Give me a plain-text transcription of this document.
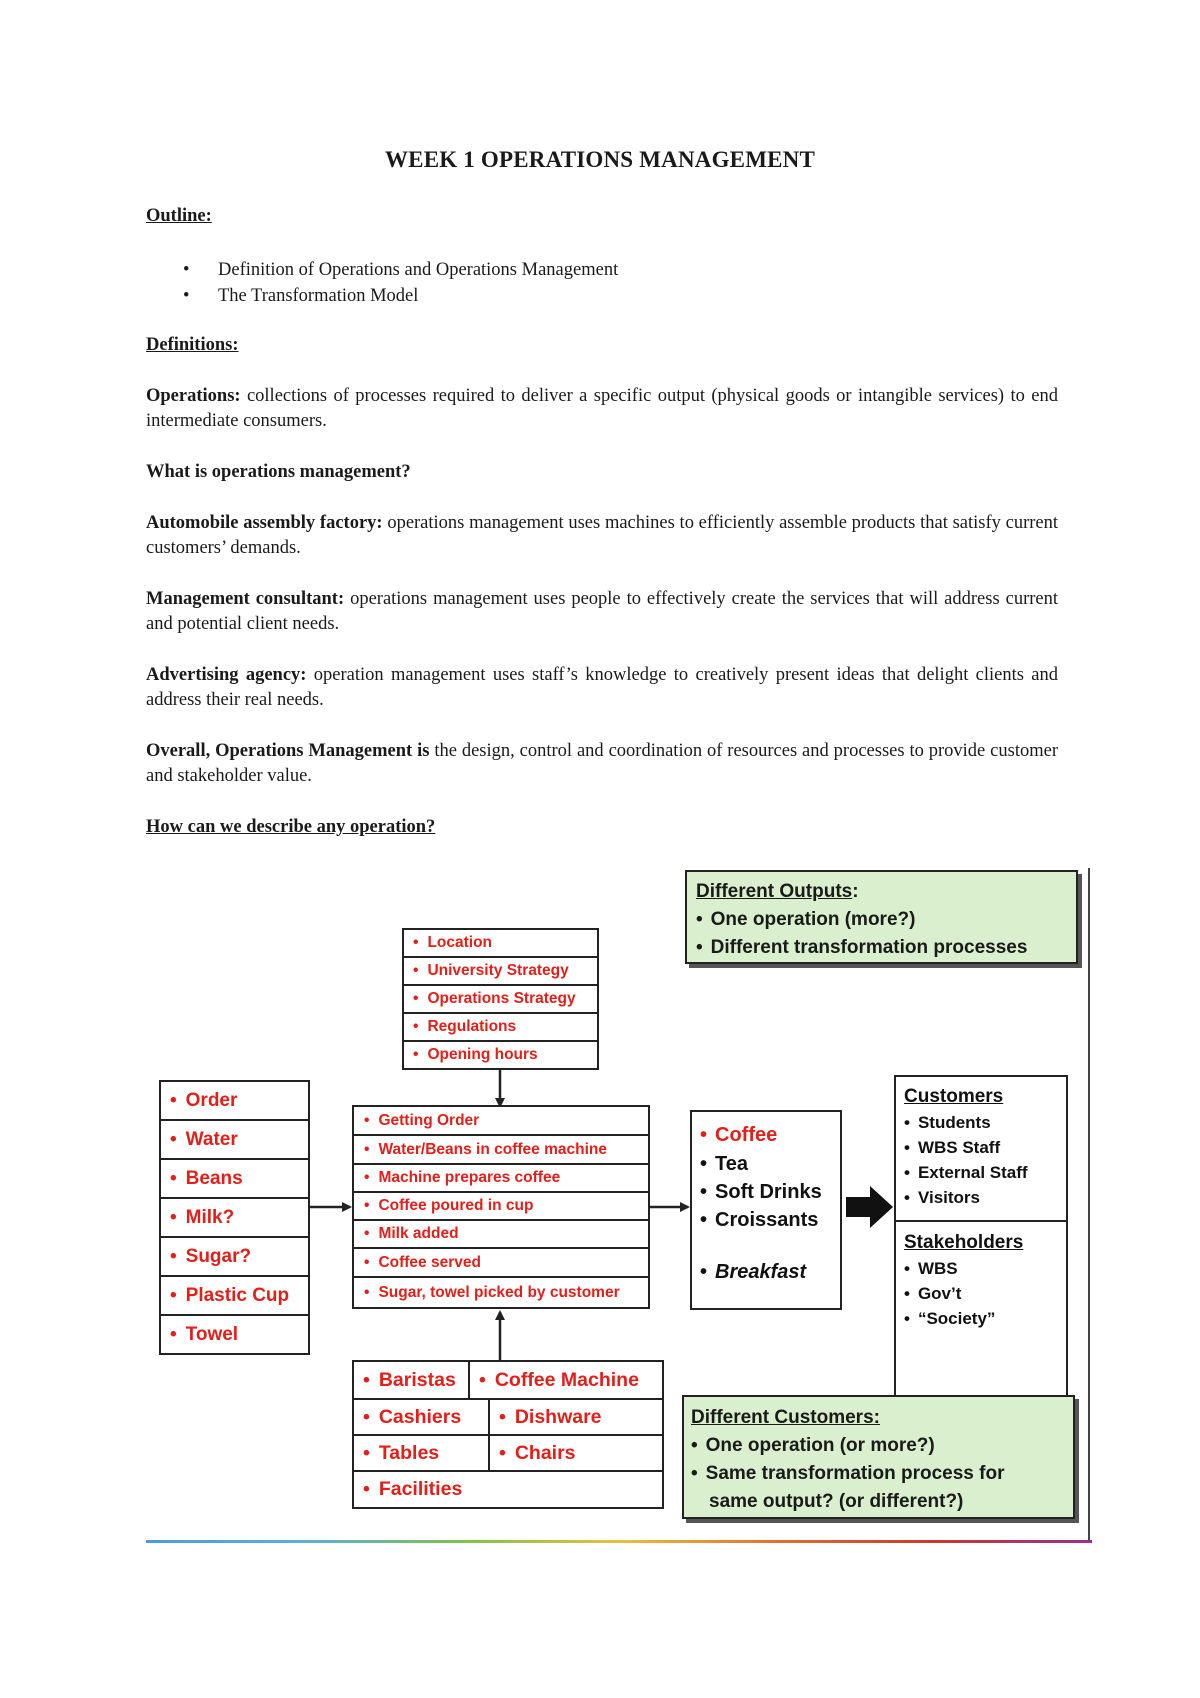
WEEK 1 OPERATIONS MANAGEMENT
Outline:
• Definition of Operations and Operations Management
• The Transformation Model
Definitions:
Operations: collections of processes required to deliver a specific output (physical goods or intangible services) to end intermediate consumers.
What is operations management?
Automobile assembly factory: operations management uses machines to efficiently assemble products that satisfy current customers’ demands.
Management consultant: operations management uses people to effectively create the services that will address current and potential client needs.
Advertising agency: operation management uses staff’s knowledge to creatively present ideas that delight clients and address their real needs.
Overall, Operations Management is the design, control and coordination of resources and processes to provide customer and stakeholder value.
How can we describe any operation?
Different Outputs:
• One operation (more?)
• Different transformation processes
• Location
• University Strategy
• Operations Strategy
• Regulations
• Opening hours
• Order
• Water
• Beans
• Milk?
• Sugar?
• Plastic Cup
• Towel
• Getting Order
• Water/Beans in coffee machine
• Machine prepares coffee
• Coffee poured in cup
• Milk added
• Coffee served
• Sugar, towel picked by customer
• Coffee
• Tea
• Soft Drinks
• Croissants
• Breakfast
Customers
• Students
• WBS Staff
• External Staff
• Visitors
Stakeholders
• WBS
• Gov’t
• “Society”
• Baristas • Coffee Machine
• Cashiers • Dishware
• Tables	• Chairs
• Facilities
Different Customers:
• One operation (or more?)
• Same transformation process for
same output? (or different?)
